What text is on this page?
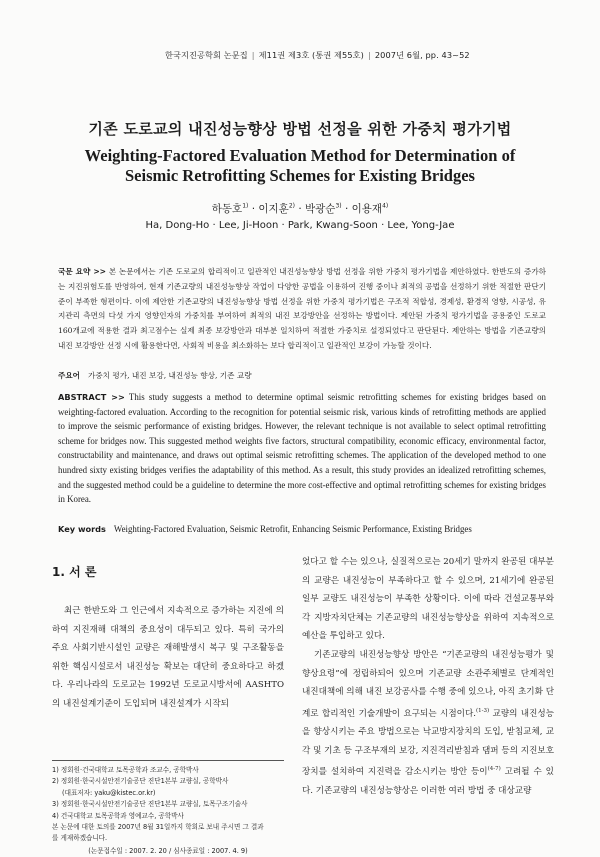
한국지진공학회 논문집 | 제11권 제3호 (통권 제55호) | 2007년 6월, pp. 43~52
기존 도로교의 내진성능향상 방법 선정을 위한 가중치 평가기법
Weighting-Factored Evaluation Method for Determination of
Seismic Retrofitting Schemes for Existing Bridges
하동호$^{1)}$ · 이지훈$^{2)}$ · 박광순$^{3)}$ · 이용재$^{4)}$
Ha, Dong-Ho · Lee, Ji-Hoon · Park, Kwang-Soon · Lee, Yong-Jae
국문 요약 >> 본 논문에서는 기존 도로교의 합리적이고 일관적인 내진성능향상 방법 선정을 위한 가중치 평가기법을 제안하였다. 한반도의 증가하는 지진위험도를 반영하여, 현재 기존교량의 내진성능향상 작업이 다양한 공법을 이용하여 진행 중이나 최적의 공법을 선정하기 위한 적절한 판단기준이 부족한 형편이다. 이에 제안한 기존교량의 내진성능향상 방법 선정을 위한 가중치 평가기법은 구조적 적합성, 경제성, 환경적 영향, 시공성, 유지관리 측면의 다섯 가지 영향인자의 가중치를 부여하여 최적의 내진 보강방안을 선정하는 방법이다. 제안된 가중치 평가기법을 공용중인 도로교 160개교에 적용한 결과 최고점수는 실제 최종 보강방안과 대부분 일치하여 적절한 가중치로 설정되었다고 판단된다. 제안하는 방법을 기존교량의 내진 보강방안 선정 시에 활용한다면, 사회적 비용을 최소화하는 보다 합리적이고 일관적인 보강이 가능할 것이다.
주요어 가중치 평가, 내진 보강, 내진성능 향상, 기존 교량
ABSTRACT >> This study suggests a method to determine optimal seismic retrofitting schemes for existing bridges based on weighting-factored evaluation. According to the recognition for potential seismic risk, various kinds of retrofitting methods are applied to improve the seismic performance of existing bridges. However, the relevant technique is not available to select optimal retrofitting scheme for bridges now. This suggested method weights five factors, structural compatibility, economic efficacy, environmental factor, constructability and maintenance, and draws out optimal seismic retrofitting schemes. The application of the developed method to one hundred sixty existing bridges verifies the adaptability of this method. As a result, this study provides an idealized retrofitting schemes, and the suggested method could be a guideline to determine the more cost-effective and optimal retrofitting schemes for existing bridges in Korea.
Key words Weighting-Factored Evaluation, Seismic Retrofit, Enhancing Seismic Performance, Existing Bridges
1. 서 론

최근 한반도와 그 인근에서 지속적으로 증가하는 지진에 의하여 지진재해 대책의 중요성이 대두되고 있다. 특히 국가의 주요 사회기반시설인 교량은 재해발생시 복구 및 구조활동을 위한 핵심시설로서 내진성능 확보는 대단히 중요하다고 하겠다. 우리나라의 도로교는 1992년 도로교시방서에 AASHTO의 내진설계기준이 도입되며 내진설계가 시작되

었다고 할 수는 있으나, 실질적으로는 20세기 말까지 완공된 대부분의 교량은 내진성능이 부족하다고 할 수 있으며, 21세기에 완공된 일부 교량도 내진성능이 부족한 상황이다. 이에 따라 건설교통부와 각 지방자치단체는 기존교량의 내진성능향상을 위하여 지속적으로 예산을 투입하고 있다.

기존교량의 내진성능향상 방안은 “기존교량의 내진성능평가 및 향상요령”에 정립하되어 있으며 기존교량 소관주체별로 단계적인 내진대책에 의해 내진 보강공사를 수행 중에 있으나, 아직 초기화 단계로 합리적인 기술개발이 요구되는 시점이다.$^{(1-3)}$ 교량의 내진성능을 향상시키는 주요 방법으로는 낙교방지장치의 도입, 받침교체, 교각 및 기초 등 구조부재의 보강, 지진격리받침과 댐퍼 등의 지진보호장치를 설치하여 지진력을 감소시키는 방안 등이$^{(4-7)}$ 고려될 수 있다. 기존교량의 내진성능향상은 이러한 여러 방법 중 대상교량

1) 정회원·건국대학교 토목공학과 조교수, 공학박사
2) 정회원·한국시설안전기술공단 진단1본부 교량실, 공학박사
(대표저자: yaku@kistec.or.kr)
3) 정회원·한국시설안전기술공단 진단1본부 교량실, 토목구조기술사
4) 건국대학교 토목공학과 영예교수, 공학박사
본 논문에 대한 토의를 2007년 8월 31일까지 학회로 보내 주시면 그 결과
를 게재하겠습니다.
(논문접수일 : 2007. 2. 20 / 심사종료일 : 2007. 4. 9)
